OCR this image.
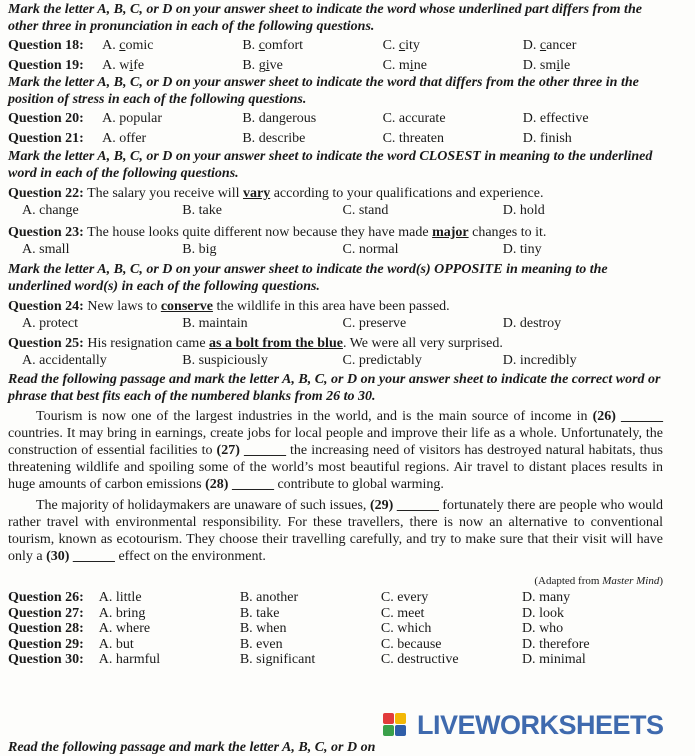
Mark the letter A, B, C, or D on your answer sheet to indicate the word whose underlined part differs from the other three in pronunciation in each of the following questions.

Question 18:	A. comic	B. comfort	C. city	D. cancer
Question 19:	A. wife	B. give	C. mine	D. smile

Mark the letter A, B, C, or D on your answer sheet to indicate the word that differs from the other three in the position of stress in each of the following questions.

Question 20:	A. popular	B. dangerous	C. accurate	D. effective
Question 21:	A. offer	B. describe	C. threaten	D. finish

Mark the letter A, B, C, or D on your answer sheet to indicate the word CLOSEST in meaning to the underlined word in each of the following questions.

Question 22: The salary you receive will vary according to your qualifications and experience.

A. change	B. take	C. stand	D. hold

Question 23: The house looks quite different now because they have made major changes to it.

A. small	B. big	C. normal	D. tiny

Mark the letter A, B, C, or D on your answer sheet to indicate the word(s) OPPOSITE in meaning to the underlined word(s) in each of the following questions.

Question 24: New laws to conserve the wildlife in this area have been passed.

A. protect	B. maintain	C. preserve	D. destroy

Question 25: His resignation came as a bolt from the blue. We were all very surprised.

A. accidentally	B. suspiciously	C. predictably	D. incredibly

Read the following passage and mark the letter A, B, C, or D on your answer sheet to indicate the correct word or phrase that best fits each of the numbered blanks from 26 to 30.

Tourism is now one of the largest industries in the world, and is the main source of income in (26) ______ countries. It may bring in earnings, create jobs for local people and improve their life as a whole. Unfortunately, the construction of essential facilities to (27) ______ the increasing need of visitors has destroyed natural habitats, thus threatening wildlife and spoiling some of the world’s most beautiful regions. Air travel to distant places results in huge amounts of carbon emissions (28) ______ contribute to global warming.

The majority of holidaymakers are unaware of such issues, (29) ______ fortunately there are people who would rather travel with environmental responsibility. For these travellers, there is now an alternative to conventional tourism, known as ecotourism. They choose their travelling carefully, and try to make sure that their visit will have only a (30) ______ effect on the environment.

(Adapted from Master Mind)

Question 26:	A. little	B. another	C. every	D. many
Question 27:	A. bring	B. take	C. meet	D. look
Question 28:	A. where	B. when	C. which	D. who
Question 29:	A. but	B. even	C. because	D. therefore
Question 30:	A. harmful	B. significant	C. destructive	D. minimal
Read the following passage and mark the letter A, B, C, or D on
LIVEWORKSHEETS
